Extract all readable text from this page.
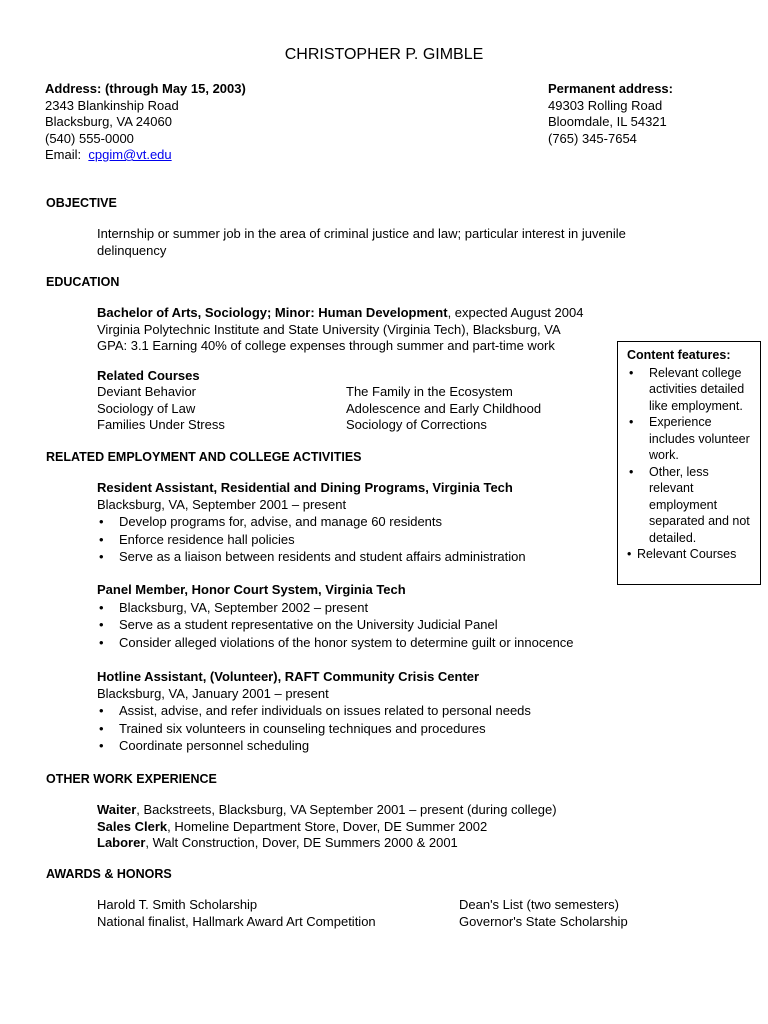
CHRISTOPHER P. GIMBLE
Address: (through May 15, 2003)
2343 Blankinship Road
Blacksburg, VA 24060
(540) 555-0000
Email: cpgim@vt.edu
Permanent address:
49303 Rolling Road
Bloomdale, IL 54321
(765) 345-7654
OBJECTIVE
Internship or summer job in the area of criminal justice and law; particular interest in juvenile
delinquency
EDUCATION
Bachelor of Arts, Sociology; Minor: Human Development, expected August 2004
Virginia Polytechnic Institute and State University (Virginia Tech), Blacksburg, VA
GPA: 3.1 Earning 40% of college expenses through summer and part-time work
Related Courses
Deviant Behavior
Sociology of Law
Families Under Stress
The Family in the Ecosystem
Adolescence and Early Childhood
Sociology of Corrections
RELATED EMPLOYMENT AND COLLEGE ACTIVITIES
Resident Assistant, Residential and Dining Programs, Virginia Tech
Blacksburg, VA, September 2001 – present
• Develop programs for, advise, and manage 60 residents
• Enforce residence hall policies
• Serve as a liaison between residents and student affairs administration
Panel Member, Honor Court System, Virginia Tech
• Blacksburg, VA, September 2002 – present
• Serve as a student representative on the University Judicial Panel
• Consider alleged violations of the honor system to determine guilt or innocence
Hotline Assistant, (Volunteer), RAFT Community Crisis Center
Blacksburg, VA, January 2001 – present
• Assist, advise, and refer individuals on issues related to personal needs
• Trained six volunteers in counseling techniques and procedures
• Coordinate personnel scheduling
OTHER WORK EXPERIENCE
Waiter, Backstreets, Blacksburg, VA September 2001 – present (during college)
Sales Clerk, Homeline Department Store, Dover, DE Summer 2002
Laborer, Walt Construction, Dover, DE Summers 2000 & 2001
AWARDS & HONORS
Harold T. Smith Scholarship
National finalist, Hallmark Award Art Competition
Dean's List (two semesters)
Governor's State Scholarship
Content features:
• Relevant college activities detailed like employment.
• Experience includes volunteer work.
• Other, less relevant employment separated and not detailed.
• Relevant Courses
